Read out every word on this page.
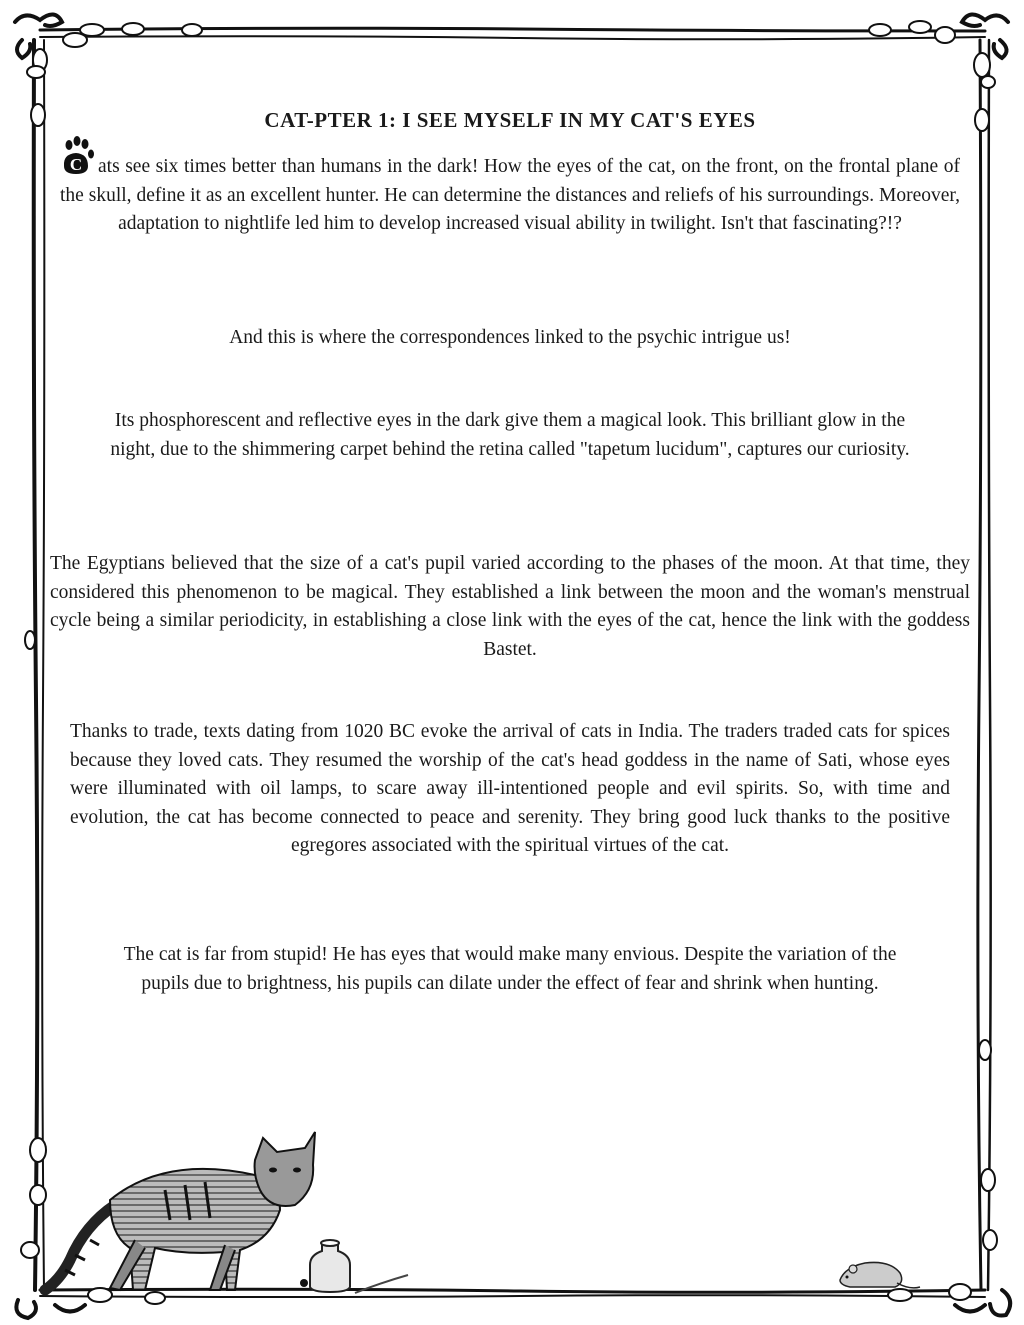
CAT-PTER 1: I SEE MYSELF IN MY CAT'S EYES

C ats see six times better than humans in the dark! How the eyes of the cat, on the front, on the frontal plane of the skull, define it as an excellent hunter. He can determine the distances and reliefs of his surroundings. Moreover, adaptation to nightlife led him to develop increased visual ability in twilight. Isn't that fascinating?!?

And this is where the correspondences linked to the psychic intrigue us!

Its phosphorescent and reflective eyes in the dark give them a magical look. This brilliant glow in the night, due to the shimmering carpet behind the retina called "tapetum lucidum", captures our curiosity.

The Egyptians believed that the size of a cat's pupil varied according to the phases of the moon. At that time, they considered this phenomenon to be magical. They established a link between the moon and the woman's menstrual cycle being a similar periodicity, in establishing a close link with the eyes of the cat, hence the link with the goddess Bastet.

Thanks to trade, texts dating from 1020 BC evoke the arrival of cats in India. The traders traded cats for spices because they loved cats. They resumed the worship of the cat's head goddess in the name of Sati, whose eyes were illuminated with oil lamps, to scare away ill-intentioned people and evil spirits. So, with time and evolution, the cat has become connected to peace and serenity. They bring good luck thanks to the positive egregores associated with the spiritual virtues of the cat.

The cat is far from stupid! He has eyes that would make many envious. Despite the variation of the pupils due to brightness, his pupils can dilate under the effect of fear and shrink when hunting.
